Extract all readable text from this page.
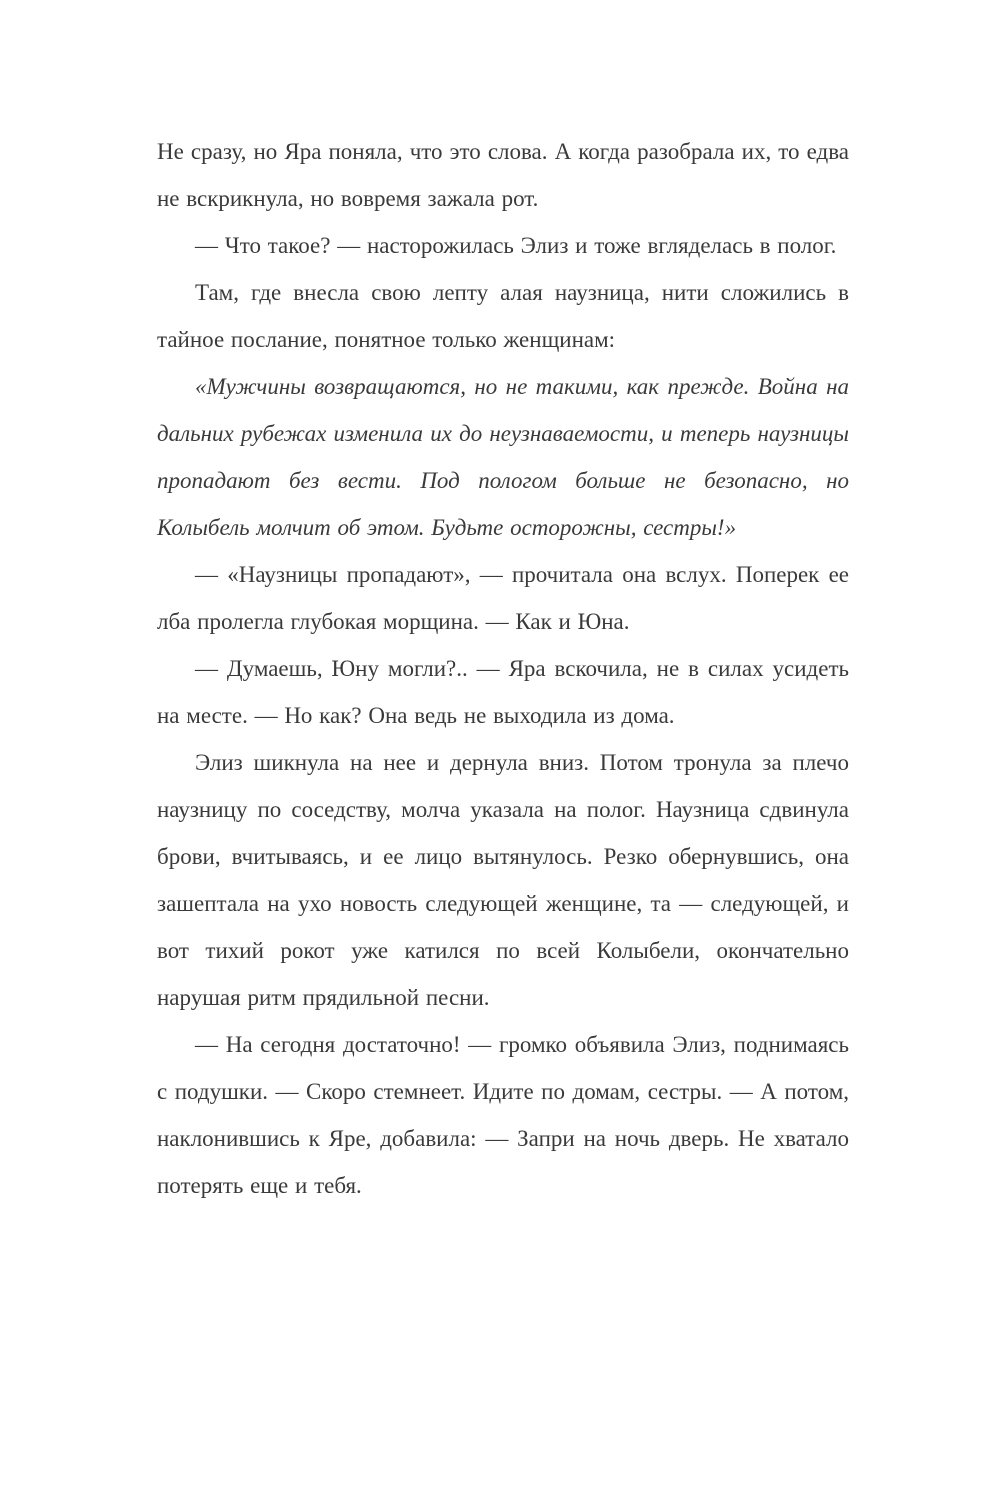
Не сразу, но Яра поняла, что это слова. А когда разобрала их, то едва не вскрикнула, но вовремя зажала рот.

— Что такое? — насторожилась Элиз и тоже вгляделась в полог.

Там, где внесла свою лепту алая наузница, нити сложились в тайное послание, понятное только женщинам:

«Мужчины возвращаются, но не такими, как прежде. Война на дальних рубежах изменила их до неузнаваемости, и теперь наузницы пропадают без вести. Под пологом больше не безопасно, но Колыбель молчит об этом. Будьте осторожны, сестры!»

— «Наузницы пропадают», — прочитала она вслух. Поперек ее лба пролегла глубокая морщина. — Как и Юна.

— Думаешь, Юну могли?.. — Яра вскочила, не в силах усидеть на месте. — Но как? Она ведь не выходила из дома.

Элиз шикнула на нее и дернула вниз. Потом тронула за плечо наузницу по соседству, молча указала на полог. Наузница сдвинула брови, вчитываясь, и ее лицо вытянулось. Резко обернувшись, она зашептала на ухо новость следующей женщине, та — следующей, и вот тихий рокот уже катился по всей Колыбели, окончательно нарушая ритм прядильной песни.

— На сегодня достаточно! — громко объявила Элиз, поднимаясь с подушки. — Скоро стемнеет. Идите по домам, сестры. — А потом, наклонившись к Яре, добавила: — Запри на ночь дверь. Не хватало потерять еще и тебя.
